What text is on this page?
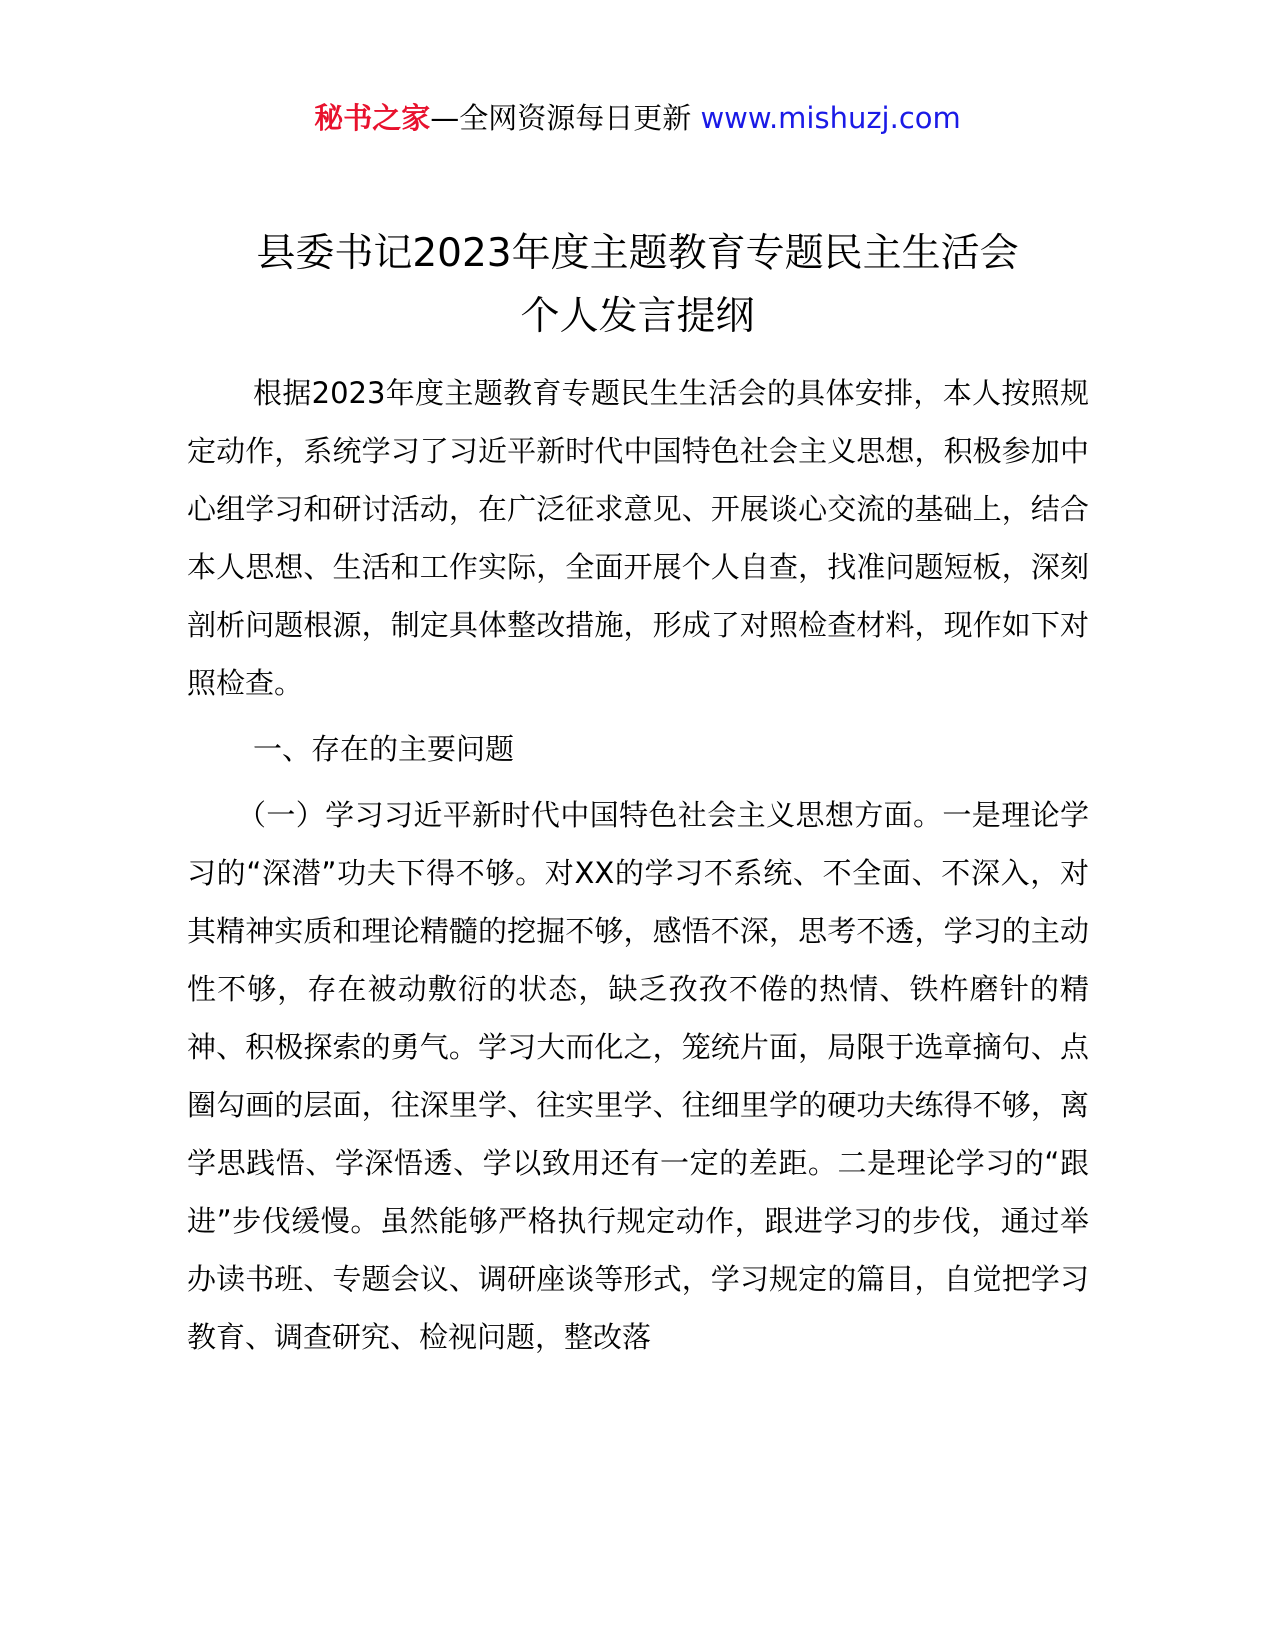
秘书之家—全网资源每日更新 www.mishuzj.com
县委书记2023年度主题教育专题民主生活会
个人发言提纲

根据2023年度主题教育专题民生生活会的具体安排，本人按照规定动作，系统学习了习近平新时代中国特色社会主义思想，积极参加中心组学习和研讨活动，在广泛征求意见、开展谈心交流的基础上，结合本人思想、生活和工作实际，全面开展个人自查，找准问题短板，深刻剖析问题根源，制定具体整改措施，形成了对照检查材料，现作如下对照检查。

一、存在的主要问题

（一）学习习近平新时代中国特色社会主义思想方面。一是理论学习的“深潜”功夫下得不够。对XX的学习不系统、不全面、不深入，对其精神实质和理论精髓的挖掘不够，感悟不深，思考不透，学习的主动性不够，存在被动敷衍的状态，缺乏孜孜不倦的热情、铁杵磨针的精神、积极探索的勇气。学习大而化之，笼统片面，局限于选章摘句、点圈勾画的层面，往深里学、往实里学、往细里学的硬功夫练得不够，离学思践悟、学深悟透、学以致用还有一定的差距。二是理论学习的“跟进”步伐缓慢。虽然能够严格执行规定动作，跟进学习的步伐，通过举办读书班、专题会议、调研座谈等形式，学习规定的篇目，自觉把学习教育、调查研究、检视问题，整改落
